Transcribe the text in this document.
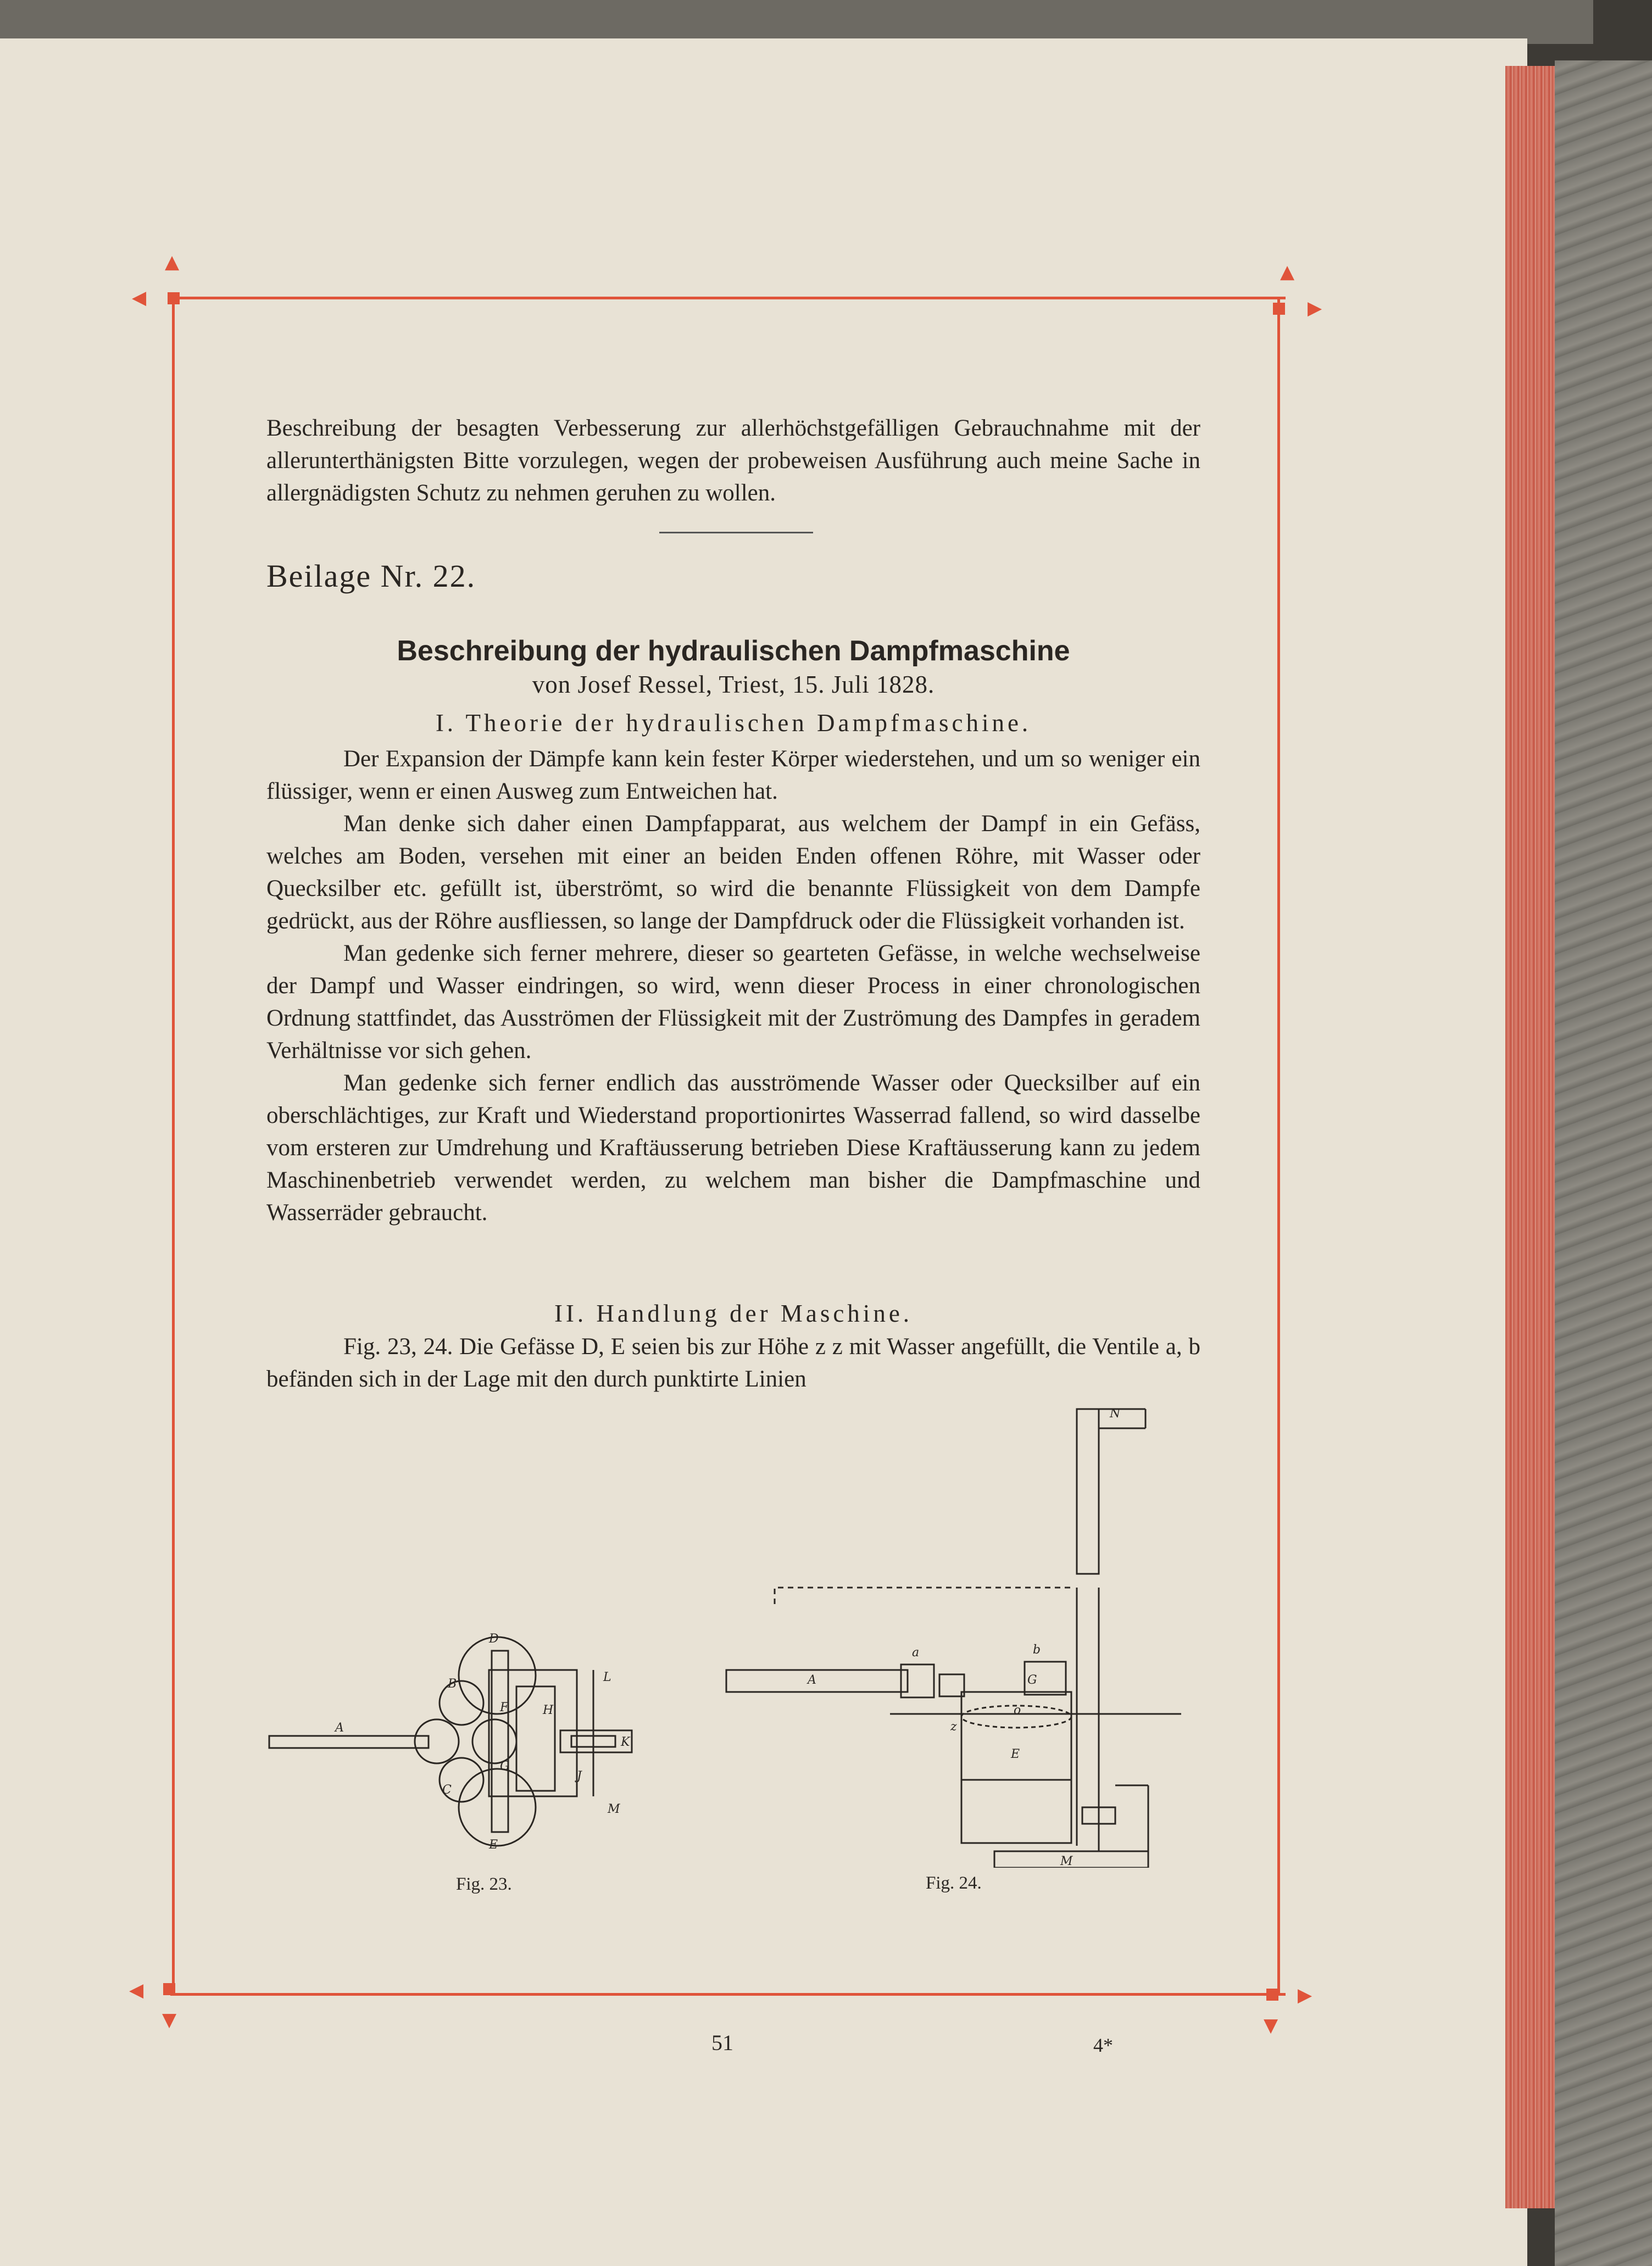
▲
◀
▲
▶
◀
▼
▶
▼

Beschreibung der besagten Verbesserung zur allerhöchstgefälligen Gebrauchnahme mit der allerunterthänigsten Bitte vorzulegen, wegen der probeweisen Ausführung auch meine Sache in allergnädigsten Schutz zu nehmen geruhen zu wollen.

Beilage Nr. 22.
Beschreibung der hydraulischen Dampfmaschine
von Josef Ressel, Triest, 15. Juli 1828.
I. Theorie der hydraulischen Dampfmaschine.

Der Expansion der Dämpfe kann kein fester Körper wiederstehen, und um so weniger ein flüssiger, wenn er einen Ausweg zum Entweichen hat.

Man denke sich daher einen Dampfapparat, aus welchem der Dampf in ein Gefäss, welches am Boden, versehen mit einer an beiden Enden offenen Röhre, mit Wasser oder Quecksilber etc. gefüllt ist, überströmt, so wird die benannte Flüssigkeit von dem Dampfe gedrückt, aus der Röhre ausfliessen, so lange der Dampfdruck oder die Flüssigkeit vorhanden ist.

Man gedenke sich ferner mehrere, dieser so gearteten Gefässe, in welche wechselweise der Dampf und Wasser eindringen, so wird, wenn dieser Process in einer chronologischen Ordnung stattfindet, das Ausströmen der Flüssigkeit mit der Zuströmung des Dampfes in geradem Verhältnisse vor sich gehen.

Man gedenke sich ferner endlich das ausströmende Wasser oder Quecksilber auf ein oberschlächtiges, zur Kraft und Wiederstand proportionirtes Wasserrad fallend, so wird dasselbe vom ersteren zur Umdrehung und Kraftäusserung betrieben Diese Kraftäusserung kann zu jedem Maschinenbetrieb verwendet werden, zu welchem man bisher die Dampfmaschine und Wasserräder gebraucht.

II. Handlung der Maschine.

Fig. 23, 24. Die Gefässe D, E seien bis zur Höhe z z mit Wasser angefüllt, die Ventile a, b befänden sich in der Lage mit den durch punktirte Linien

D
E
A
B
C
F
G
H
J
K
L
M
Fig. 23.
N
A
a	b
G
E
M
z
o
Fig. 24.
51	4*
